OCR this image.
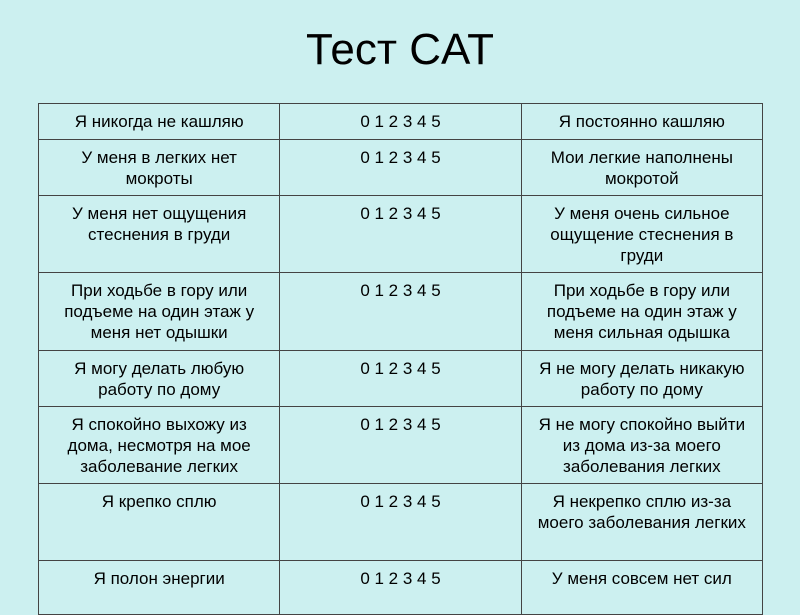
Тест CAT
Я никогда не кашляю	0 1 2 3 4 5	Я постоянно кашляю
У меня в легких нет мокроты	0 1 2 3 4 5	Мои легкие наполнены мокротой
У меня нет ощущения стеснения в груди	0 1 2 3 4 5	У меня очень сильное ощущение стеснения в груди
При ходьбе в гору или подъеме на один этаж у меня нет одышки	0 1 2 3 4 5	При ходьбе в гору или подъеме на один этаж у меня сильная одышка
Я могу делать любую работу по дому	0 1 2 3 4 5	Я не могу делать никакую работу по дому
Я спокойно выхожу из дома, несмотря на мое заболевание легких	0 1 2 3 4 5	Я не могу спокойно выйти из дома из-за моего заболевания легких
Я крепко сплю	0 1 2 3 4 5	Я некрепко сплю из-за моего заболевания легких
Я полон энергии	0 1 2 3 4 5	У меня совсем нет сил
